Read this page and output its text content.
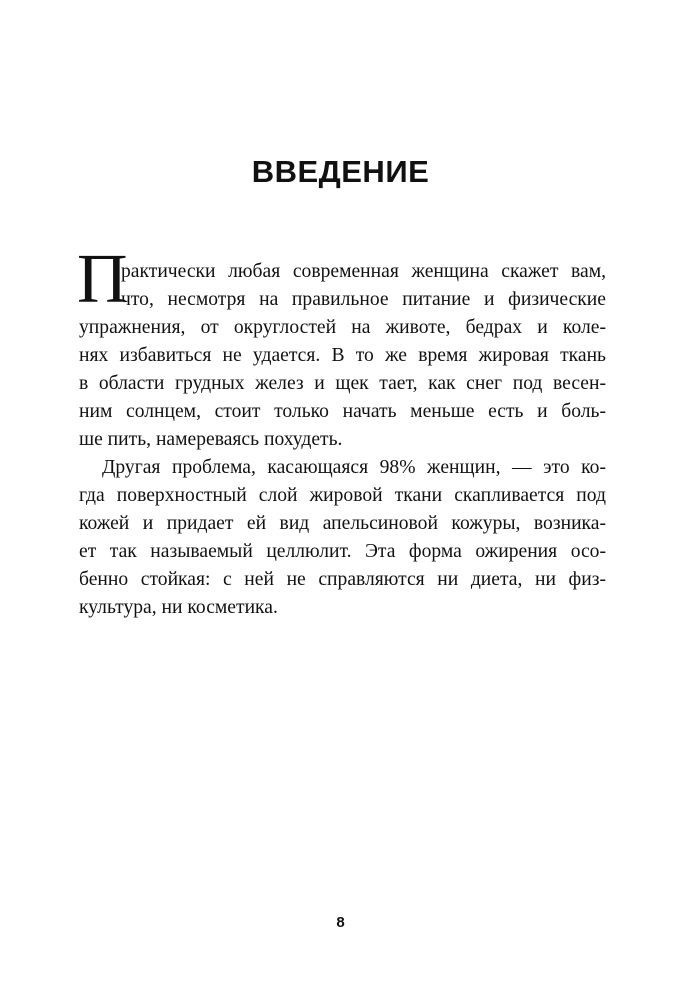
ВВЕДЕНИЕ
П
рактически любая современная женщина скажет вам,
что, несмотря на правильное питание и физические
упражнения, от округлостей на животе, бедрах и коле-
нях избавиться не удается. В то же время жировая ткань
в области грудных желез и щек тает, как снег под весен-
ним солнцем, стоит только начать меньше есть и боль-
ше пить, намереваясь похудеть.
Другая проблема, касающаяся 98% женщин, — это ко-
гда поверхностный слой жировой ткани скапливается под
кожей и придает ей вид апельсиновой кожуры, возника-
ет так называемый целлюлит. Эта форма ожирения осо-
бенно стойкая: с ней не справляются ни диета, ни физ-
культура, ни косметика.
8
